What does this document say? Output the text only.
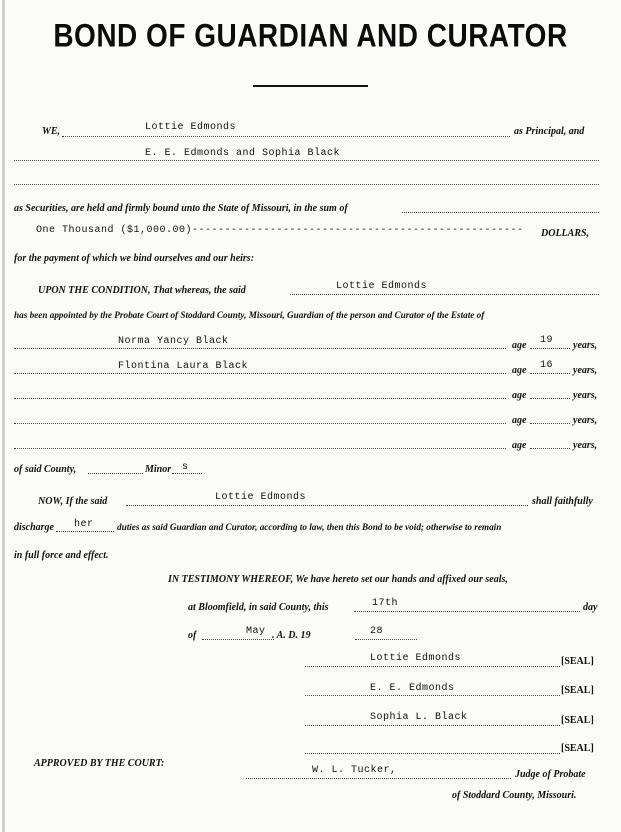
BOND OF GUARDIAN AND CURATOR
WE,	Lottie Edmonds	as Principal, and
E. E. Edmonds and Sophia Black
as Securities, are held and firmly bound unto the State of Missouri, in the sum of
One Thousand ($1,000.00) ---------------------------------------------------	DOLLARS,
for the payment of which we bind ourselves and our heirs:
UPON THE CONDITION, That whereas, the said	Lottie Edmonds
has been appointed by the Probate Court of Stoddard County, Missouri, Guardian of the person and Curator of the Estate of
Norma Yancy Black	age 19 years,
Flontina Laura Black	age 16 years,
age	years,
age	years,
age	years,
of said County,	Minor s
NOW, If the said	Lottie Edmonds	shall faithfully
discharge her	duties as said Guardian and Curator, according to law, then this Bond to be void; otherwise to remain
in full force and effect.
IN TESTIMONY WHEREOF, We have hereto set our hands and affixed our seals,
at Bloomfield, in said County, this	17th	day
of	May . A. D. 19	28
Lottie Edmonds	[SEAL]
E. E. Edmonds	[SEAL]
Sophia L. Black	[SEAL]
[SEAL]
APPROVED BY THE COURT:
W. L. Tucker,	Judge of Probate
of Stoddard County, Missouri.
